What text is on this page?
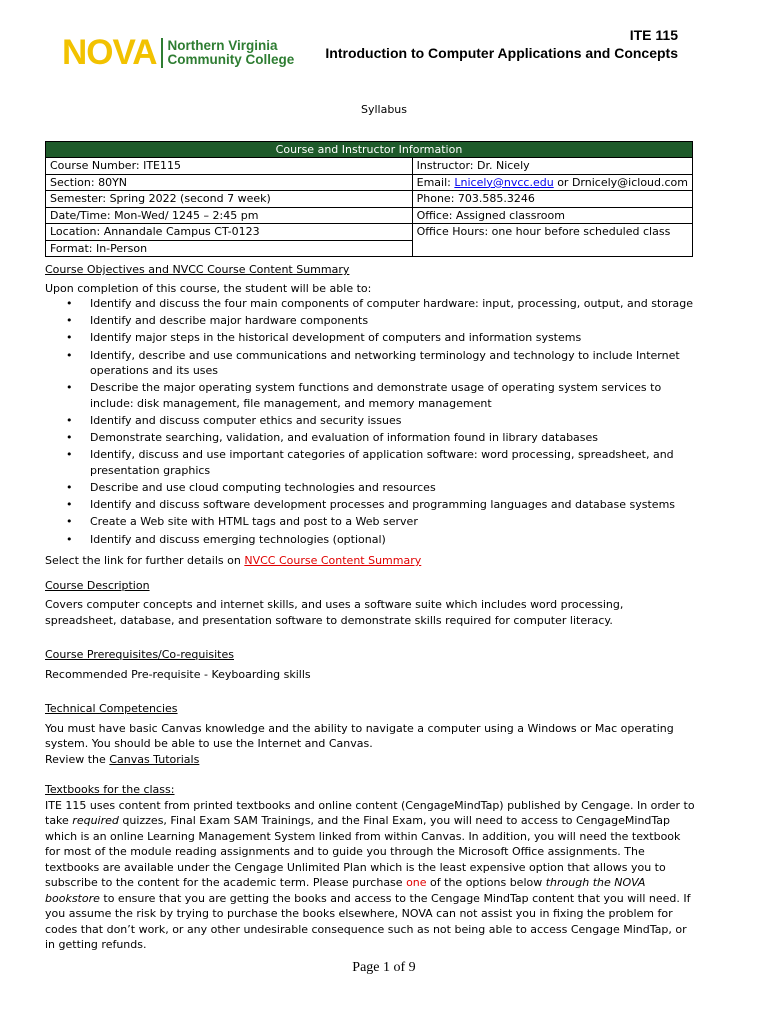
NOVA Northern Virginia
Community College
ITE 115
Introduction to Computer Applications and Concepts
Syllabus
Course and Instructor Information	
Course Number: ITE115	Instructor: Dr. Nicely
Section: 80YN	Email: Lnicely@nvcc.edu or Drnicely@icloud.com
Semester: Spring 2022 (second 7 week)	Phone: 703.585.3246
Date/Time: Mon-Wed/ 1245 – 2:45 pm	Office: Assigned classroom
Location: Annandale Campus CT-0123	Office Hours: one hour before scheduled class
Format: In-Person	

Course Objectives and NVCC Course Content Summary

Upon completion of this course, the student will be able to:

• Identify and discuss the four main components of computer hardware: input, processing, output, and storage
• Identify and describe major hardware components
• Identify major steps in the historical development of computers and information systems
• Identify, describe and use communications and networking terminology and technology to include Internet operations and its uses
• Describe the major operating system functions and demonstrate usage of operating system services to include: disk management, file management, and memory management
• Identify and discuss computer ethics and security issues
• Demonstrate searching, validation, and evaluation of information found in library databases
• Identify, discuss and use important categories of application software: word processing, spreadsheet, and presentation graphics
• Describe and use cloud computing technologies and resources
• Identify and discuss software development processes and programming languages and database systems
• Create a Web site with HTML tags and post to a Web server
• Identify and discuss emerging technologies (optional)

Select the link for further details on NVCC Course Content Summary

Course Description

Covers computer concepts and internet skills, and uses a software suite which includes word processing, spreadsheet, database, and presentation software to demonstrate skills required for computer literacy.

Course Prerequisites/Co-requisites

Recommended Pre-requisite - Keyboarding skills

Technical Competencies

You must have basic Canvas knowledge and the ability to navigate a computer using a Windows or Mac operating system. You should be able to use the Internet and Canvas.

Review the Canvas Tutorials

Textbooks for the class:

ITE 115 uses content from printed textbooks and online content (CengageMindTap) published by Cengage. In order to take required quizzes, Final Exam SAM Trainings, and the Final Exam, you will need to access to CengageMindTap which is an online Learning Management System linked from within Canvas. In addition, you will need the textbook for most of the module reading assignments and to guide you through the Microsoft Office assignments. The textbooks are available under the Cengage Unlimited Plan which is the least expensive option that allows you to subscribe to the content for the academic term. Please purchase one of the options below through the NOVA bookstore to ensure that you are getting the books and access to the Cengage MindTap content that you will need. If you assume the risk by trying to purchase the books elsewhere, NOVA can not assist you in fixing the problem for codes that don’t work, or any other undesirable consequence such as not being able to access Cengage MindTap, or in getting refunds.

Page 1 of 9
